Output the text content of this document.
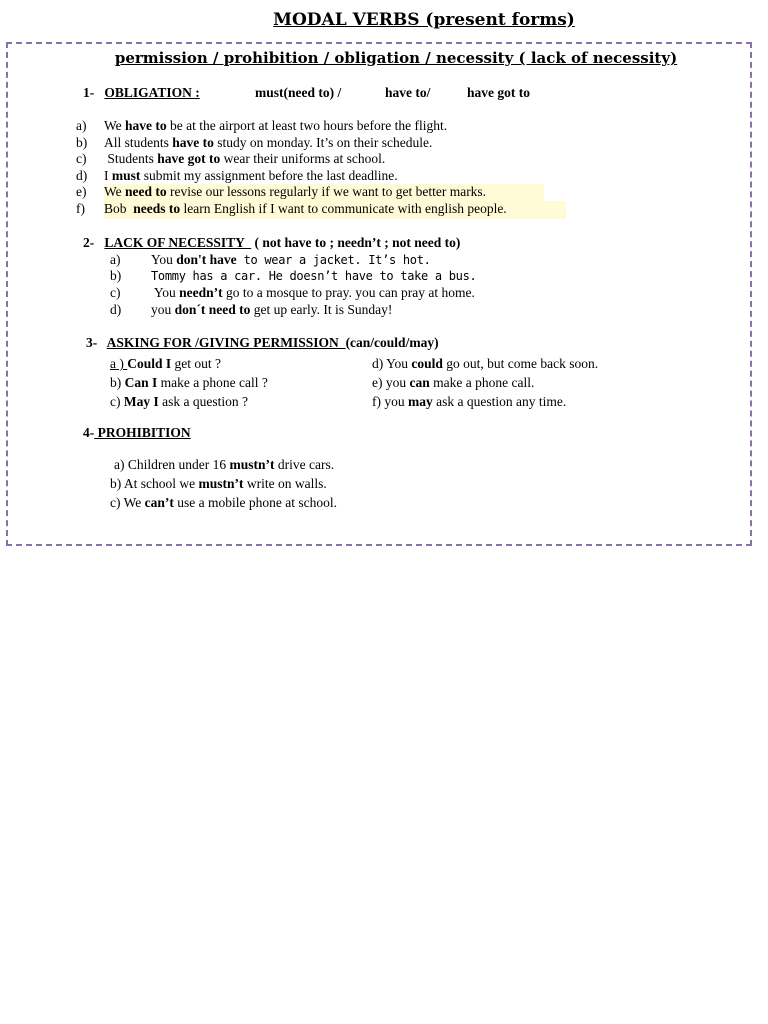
MODAL VERBS (present forms)
permission / prohibition / obligation / necessity ( lack of necessity)
1- OBLIGATION :	must(need to) /	have to/	have got to
a) We have to be at the airport at least two hours before the flight.
b) All students have to study on monday. It’s on their schedule.
c) Students have got to wear their uniforms at school.
d) I must submit my assignment before the last deadline.
e) We need to revise our lessons regularly if we want to get better marks.
f) Bob  needs to learn English if I want to communicate with english people.
2- LACK OF NECESSITY   ( not have to ; needn’t ; not need to)
a) You don't have to wear a jacket. It’s hot.
b) Tommy has a car. He doesn’t have to take a bus.
c) You needn’t go to a mosque to pray. you can pray at home.
d) you don´t need to get up early. It is Sunday!
3- ASKING FOR /GIVING PERMISSION  (can/could/may)
a ) Could I get out ?
b) Can I make a phone call ?
c) May I ask a question ?
d) You could go out, but come back soon.
e) you can make a phone call.
f) you may ask a question any time.
4- PROHIBITION
a) Children under 16 mustn’t drive cars.
b) At school we mustn’t write on walls.
c) We can’t use a mobile phone at school.
